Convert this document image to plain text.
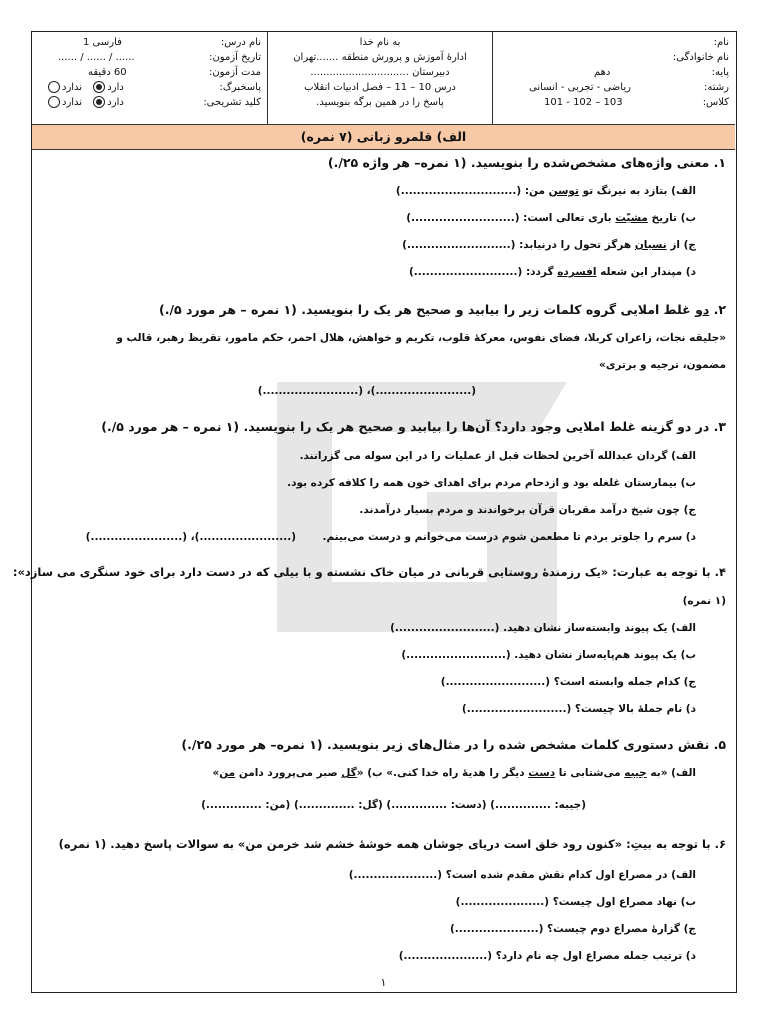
نام:
نام خانوادگی:
پایه:
دهم
رشته:
ریاضی - تجربی - انسانی
کلاس:
103 – 102 - 101
به نام خدا
ادارهٔ آموزش و پرورش منطقه .......تهران
دبیرستان ...............................
درس 10 – 11 – فصل ادبیات انقلاب
پاسخ را در همین برگه بنویسید.
نام درس:
فارسی 1
تاریخ آزمون:
...... / ...... / ......
مدت آزمون:
60 دقیقه
پاسخبرگ:
دارد ندارد
کلید تشریحی:
دارد ندارد
الف) قلمرو زبانی (۷ نمره)
۱. معنی واژه‌های مشخص‌شده را بنویسید. (۱ نمره– هر واژه ۲۵/.)
الف) بتازد به نیرنگ تو توسن من: (.............................)
ب) تاریخ مشیّت باری تعالی است: (..........................)
ج) از نسیان هرگز تحول را درنیابد: (..........................)
د) مپندار این شعله افسرده گردد: (..........................)
۲. دو غلط املایی گروه کلمات زیر را بیابید و صحیح هر یک را بنویسید. (۱ نمره – هر مورد ۵/.)
«جلیقه نجات، زاعران کربلا، فضای نفوس، معرکهٔ قلوب، تکریم و خواهش، هلال احمر، حکم مامور، تقریظ رهبر، قالب و
مضمون، ترجیه و برتری»
(........................)، (........................)
۳. در دو گزینه غلط املایی وجود دارد؟ آن‌ها را بیابید و صحیح هر یک را بنویسید. (۱ نمره – هر مورد ۵/.)
الف) گردان عبدالله آخرین لحظات قبل از عملیات را در این سوله می گزرانند.
ب) بیمارستان غلغله بود و ازدحام مردم برای اهدای خون همه را کلافه کرده بود.
ج) چون شیخ درآمد مقربان قرآن برخواندند و مردم بسیار درآمدند.
د) سرم را جلوتر بردم تا مطعمن شوم درست می‌خوانم و درست می‌بینم.
(.......................)، (.......................)
۴. با توجه به عبارت: «یک رزمندهٔ روستایی قربانی در میان خاک نشسته و با بیلی که در دست دارد برای خود سنگری می سازد»:
(۱ نمره)
الف) یک پیوند وابسته‌ساز نشان دهید. (.........................)
ب) یک پیوند هم‌پایه‌ساز نشان دهید. (.........................)
ج) کدام جمله وابسته است؟ (.........................)
د) نام جملهٔ بالا چیست؟ (.........................)
۵. نقش دستوری کلمات مشخص شده را در مثال‌های زیر بنویسید. (۱ نمره– هر مورد ۲۵/.)
الف) «به جیبه می‌شتابی تا دست دیگر را هدیهٔ راه خدا کنی.» ب) «گل صبر می‌پرورد دامن من»
(جیبه: ..............) (دست: ..............) (گل: ..............) (من: ..............)
۶. با توجه به بیتِ: «کنون رود خلق است دریای جوشان همه خوشهٔ خشم شد خرمن من» به سوالات پاسخ دهید. (۱ نمره)
الف) در مصراع اول کدام نقش مقدم شده است؟ (.....................)
ب) نهاد مصراع اول چیست؟ (.....................)
ج) گزارهٔ مصراع دوم چیست؟ (.....................)
د) ترتیب جمله مصراع اول چه نام دارد؟ (.....................)
۱
